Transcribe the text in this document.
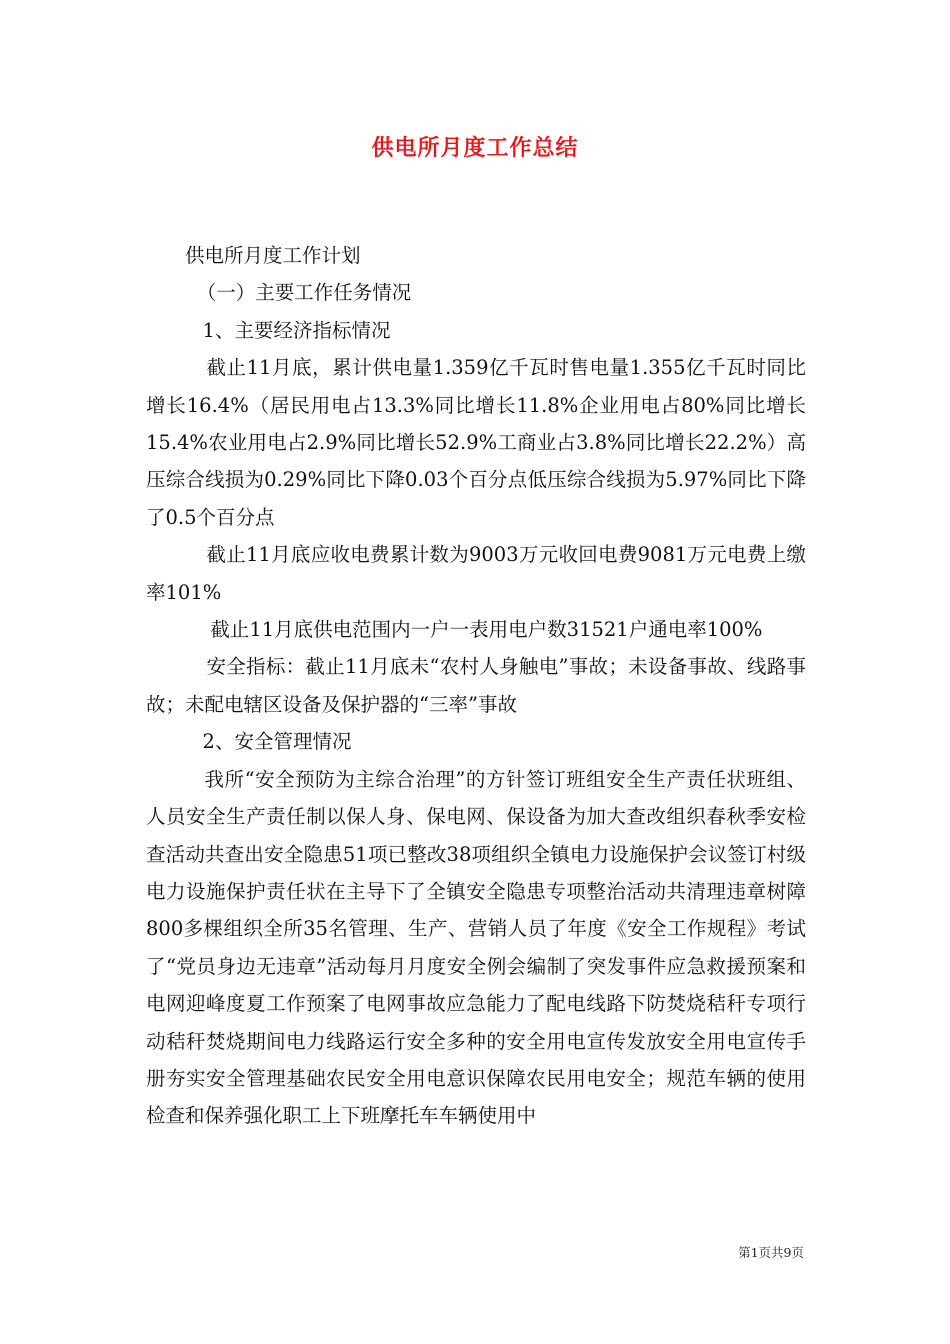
供电所月度工作总结

供电所月度工作计划

（一）主要工作任务情况

1、主要经济指标情况

截止11月底，累计供电量1.359亿千瓦时售电量1.355亿千瓦时同比增长16.4%（居民用电占13.3%同比增长11.8%企业用电占80%同比增长15.4%农业用电占2.9%同比增长52.9%工商业占3.8%同比增长22.2%）高压综合线损为0.29%同比下降0.03个百分点低压综合线损为5.97%同比下降了0.5个百分点

截止11月底应收电费累计数为9003万元收回电费9081万元电费上缴率101%

截止11月底供电范围内一户一表用电户数31521户通电率100%

安全指标：截止11月底未“农村人身触电”事故；未设备事故、线路事故；未配电辖区设备及保护器的“三率”事故

2、安全管理情况

我所“安全预防为主综合治理”的方针签订班组安全生产责任状班组、人员安全生产责任制以保人身、保电网、保设备为加大查改组织春秋季安检查活动共查出安全隐患51项已整改38项组织全镇电力设施保护会议签订村级电力设施保护责任状在主导下了全镇安全隐患专项整治活动共清理违章树障800多棵组织全所35名管理、生产、营销人员了年度《安全工作规程》考试了“党员身边无违章”活动每月月度安全例会编制了突发事件应急救援预案和电网迎峰度夏工作预案了电网事故应急能力了配电线路下防焚烧秸秆专项行动秸秆焚烧期间电力线路运行安全多种的安全用电宣传发放安全用电宣传手册夯实安全管理基础农民安全用电意识保障农民用电安全；规范车辆的使用检查和保养强化职工上下班摩托车车辆使用中

第1页共9页
